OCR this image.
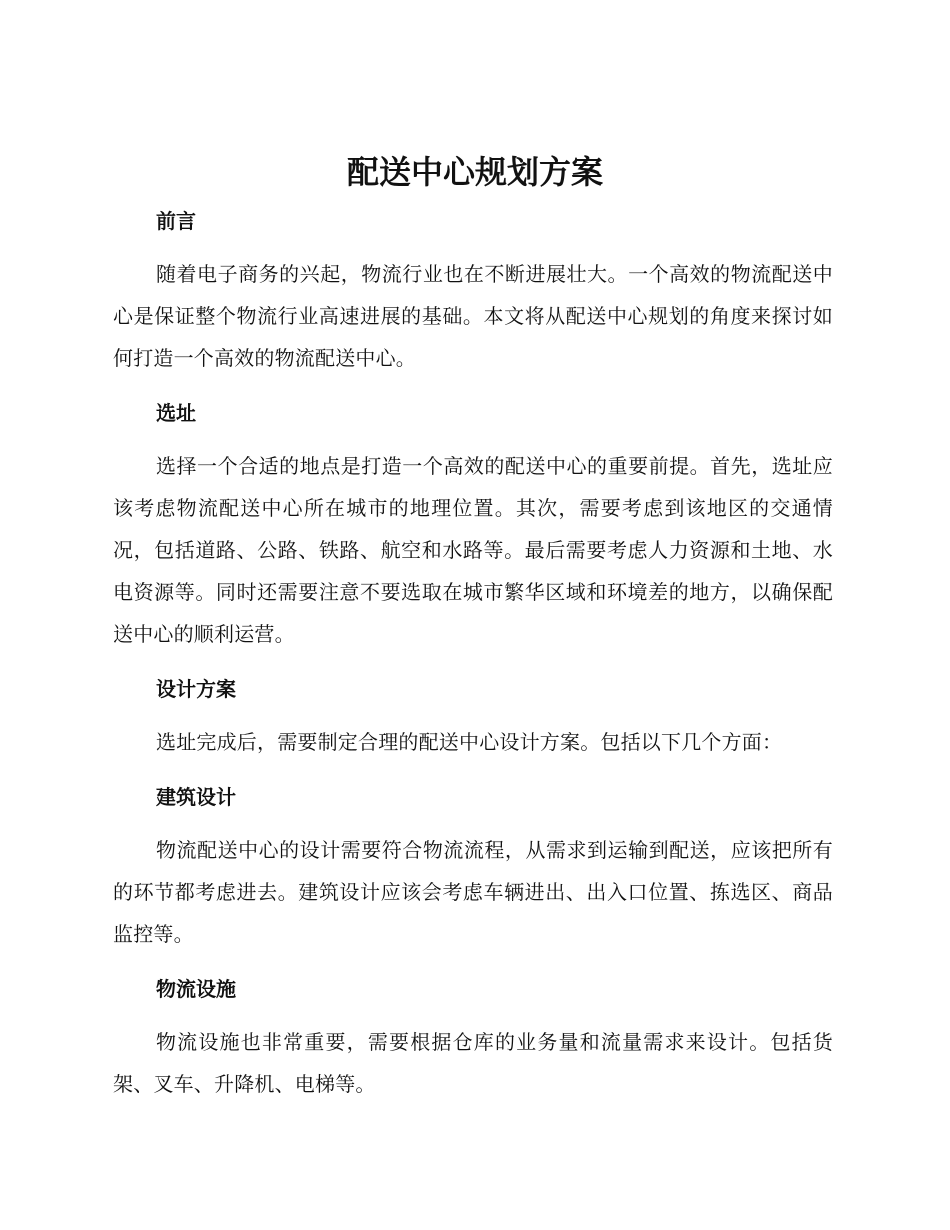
配送中心规划方案
前言

随着电子商务的兴起，物流行业也在不断进展壮大。一个高效的物流配送中心是保证整个物流行业高速进展的基础。本文将从配送中心规划的角度来探讨如何打造一个高效的物流配送中心。

选址

选择一个合适的地点是打造一个高效的配送中心的重要前提。首先，选址应该考虑物流配送中心所在城市的地理位置。其次，需要考虑到该地区的交通情况，包括道路、公路、铁路、航空和水路等。最后需要考虑人力资源和土地、水电资源等。同时还需要注意不要选取在城市繁华区域和环境差的地方，以确保配送中心的顺利运营。

设计方案

选址完成后，需要制定合理的配送中心设计方案。包括以下几个方面：

建筑设计

物流配送中心的设计需要符合物流流程，从需求到运输到配送，应该把所有的环节都考虑进去。建筑设计应该会考虑车辆进出、出入口位置、拣选区、商品监控等。

物流设施

物流设施也非常重要，需要根据仓库的业务量和流量需求来设计。包括货架、叉车、升降机、电梯等。
